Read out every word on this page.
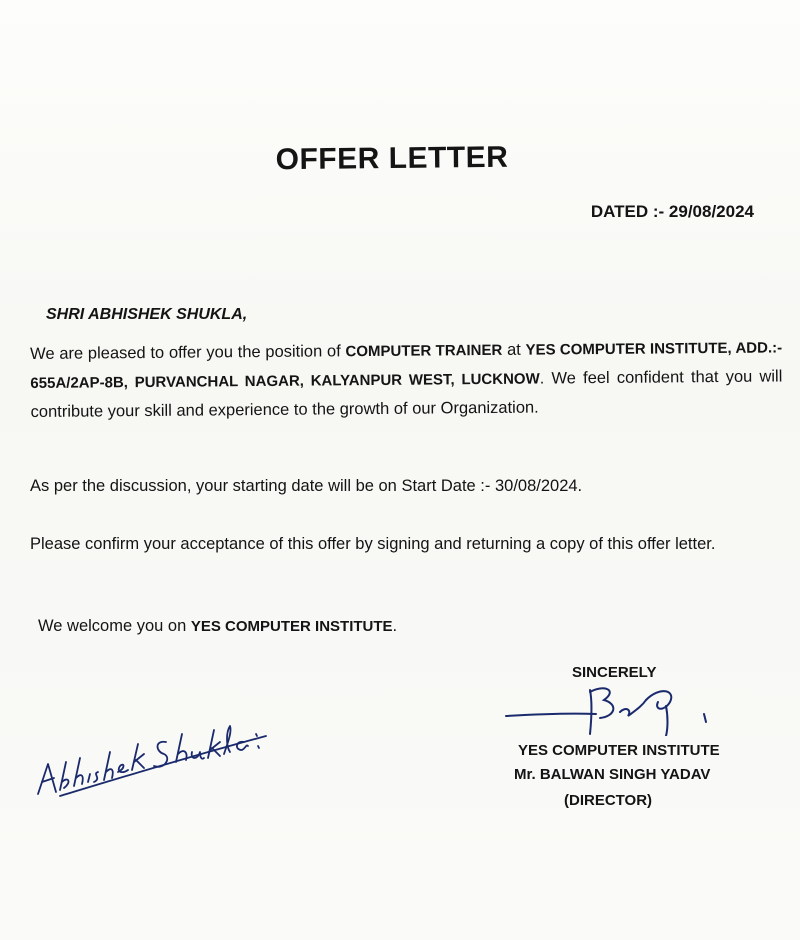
OFFER LETTER
DATED :- 29/08/2024
SHRI ABHISHEK SHUKLA,
We are pleased to offer you the position of COMPUTER TRAINER at YES COMPUTER INSTITUTE, ADD.:- 655A/2AP-8B, PURVANCHAL NAGAR, KALYANPUR WEST, LUCKNOW. We feel confident that you will contribute your skill and experience to the growth of our Organization.
As per the discussion, your starting date will be on Start Date :- 30/08/2024.
Please confirm your acceptance of this offer by signing and returning a copy of this offer letter.
We welcome you on YES COMPUTER INSTITUTE.
SINCERELY
YES COMPUTER INSTITUTE
Mr. BALWAN SINGH YADAV
(DIRECTOR)
